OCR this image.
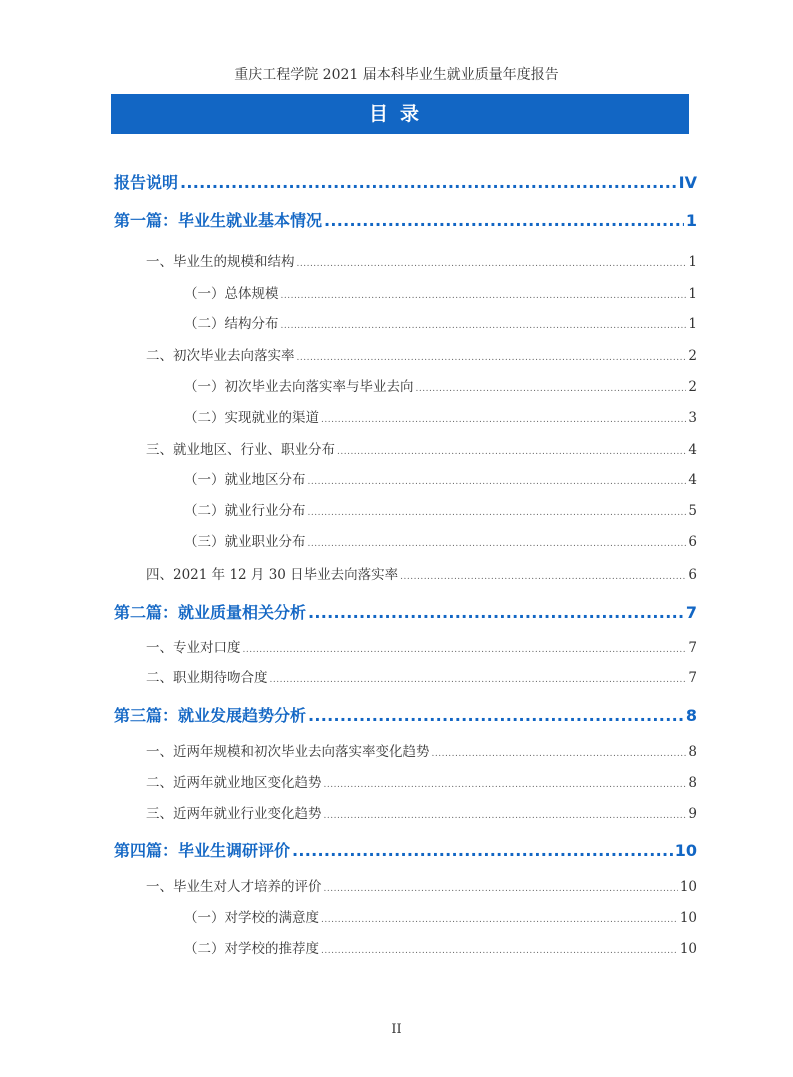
重庆工程学院 2021 届本科毕业生就业质量年度报告
目录
报告说明 .....	IV
第一篇：毕业生就业基本情况 .....	1
一、毕业生的规模和结构 .....	1
（一）总体规模 .....	1
（二）结构分布 .....	1
二、初次毕业去向落实率 .....	2
（一）初次毕业去向落实率与毕业去向 .....	2
（二）实现就业的渠道 .....	3
三、就业地区、行业、职业分布 .....	4
（一）就业地区分布 .....	4
（二）就业行业分布 .....	5
（三）就业职业分布 .....	6
四、2021 年 12 月 30 日毕业去向落实率 .....	6
第二篇：就业质量相关分析 .....	7
一、专业对口度 .....	7
二、职业期待吻合度 .....	7
第三篇：就业发展趋势分析 .....	8
一、近两年规模和初次毕业去向落实率变化趋势 .....	8
二、近两年就业地区变化趋势 .....	8
三、近两年就业行业变化趋势 .....	9
第四篇：毕业生调研评价 .....	10
一、毕业生对人才培养的评价 .....	10
（一）对学校的满意度 .....	10
（二）对学校的推荐度 .....	10
II
